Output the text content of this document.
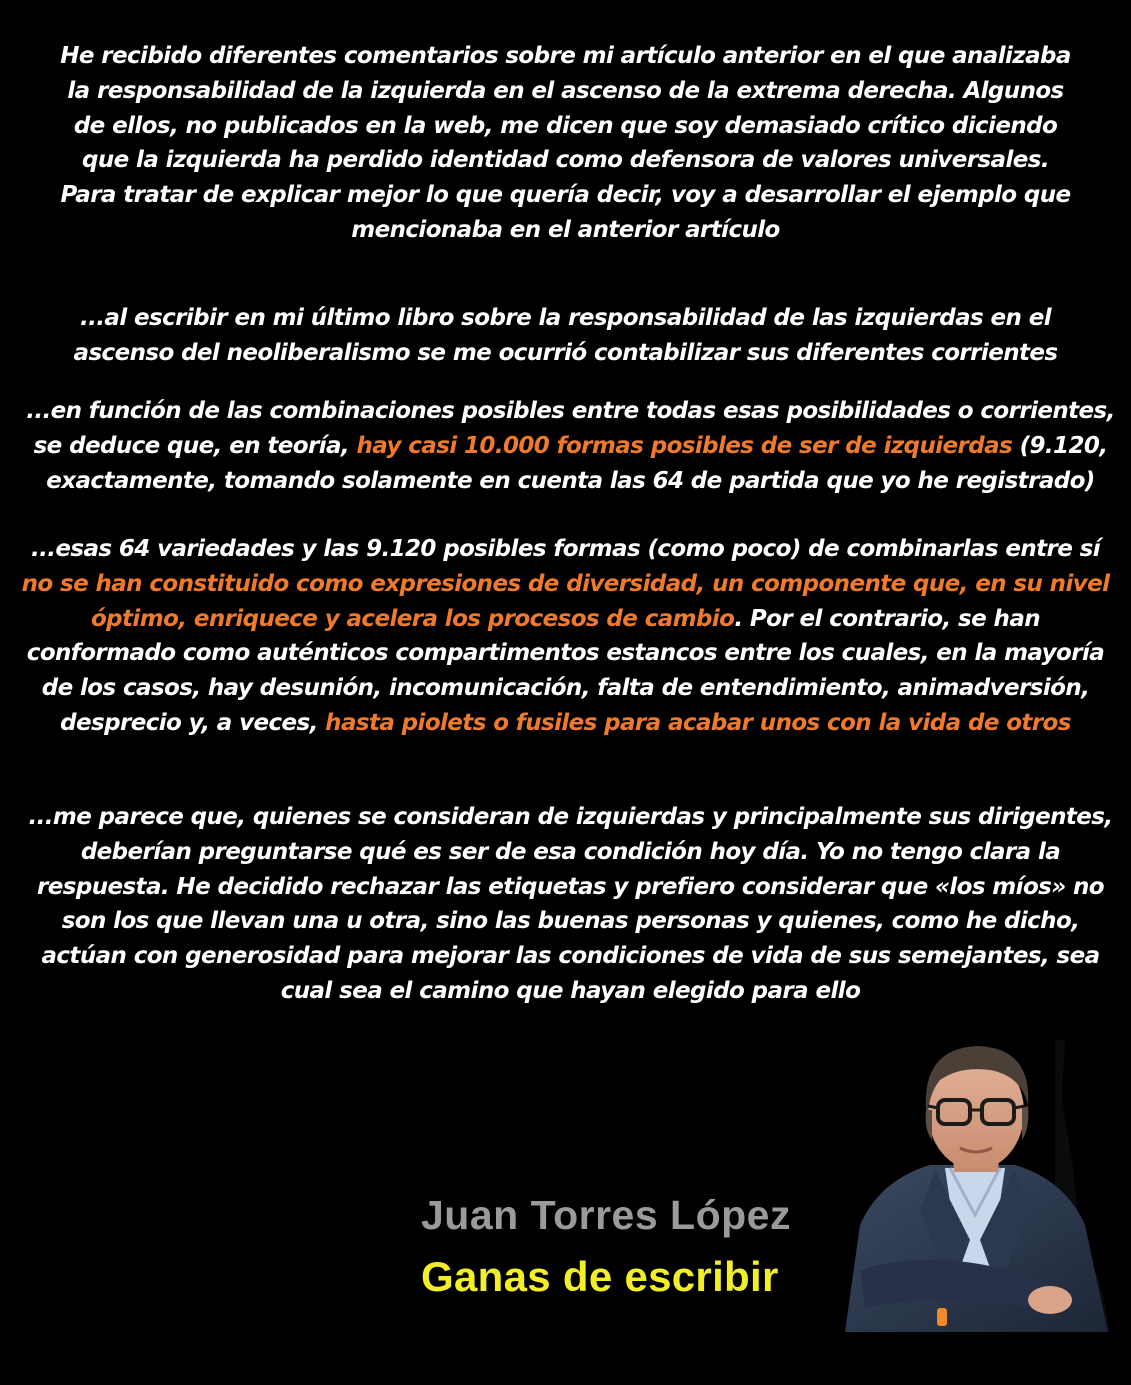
He recibido diferentes comentarios sobre mi artículo anterior en el que analizaba la responsabilidad de la izquierda en el ascenso de la extrema derecha. Algunos de ellos, no publicados en la web, me dicen que soy demasiado crítico diciendo que la izquierda ha perdido identidad como defensora de valores universales. Para tratar de explicar mejor lo que quería decir, voy a desarrollar el ejemplo que mencionaba en el anterior artículo

...al escribir en mi último libro sobre la responsabilidad de las izquierdas en el ascenso del neoliberalismo se me ocurrió contabilizar sus diferentes corrientes

...en función de las combinaciones posibles entre todas esas posibilidades o corrientes, se deduce que, en teoría, hay casi 10.000 formas posibles de ser de izquierdas (9.120, exactamente, tomando solamente en cuenta las 64 de partida que yo he registrado)

...esas 64 variedades y las 9.120 posibles formas (como poco) de combinarlas entre sí no se han constituido como expresiones de diversidad, un componente que, en su nivel óptimo, enriquece y acelera los procesos de cambio. Por el contrario, se han conformado como auténticos compartimentos estancos entre los cuales, en la mayoría de los casos, hay desunión, incomunicación, falta de entendimiento, animadversión, desprecio y, a veces, hasta piolets o fusiles para acabar unos con la vida de otros

...me parece que, quienes se consideran de izquierdas y principalmente sus dirigentes, deberían preguntarse qué es ser de esa condición hoy día. Yo no tengo clara la respuesta. He decidido rechazar las etiquetas y prefiero considerar que «los míos» no son los que llevan una u otra, sino las buenas personas y quienes, como he dicho, actúan con generosidad para mejorar las condiciones de vida de sus semejantes, sea cual sea el camino que hayan elegido para ello

Juan Torres López
Ganas de escribir
